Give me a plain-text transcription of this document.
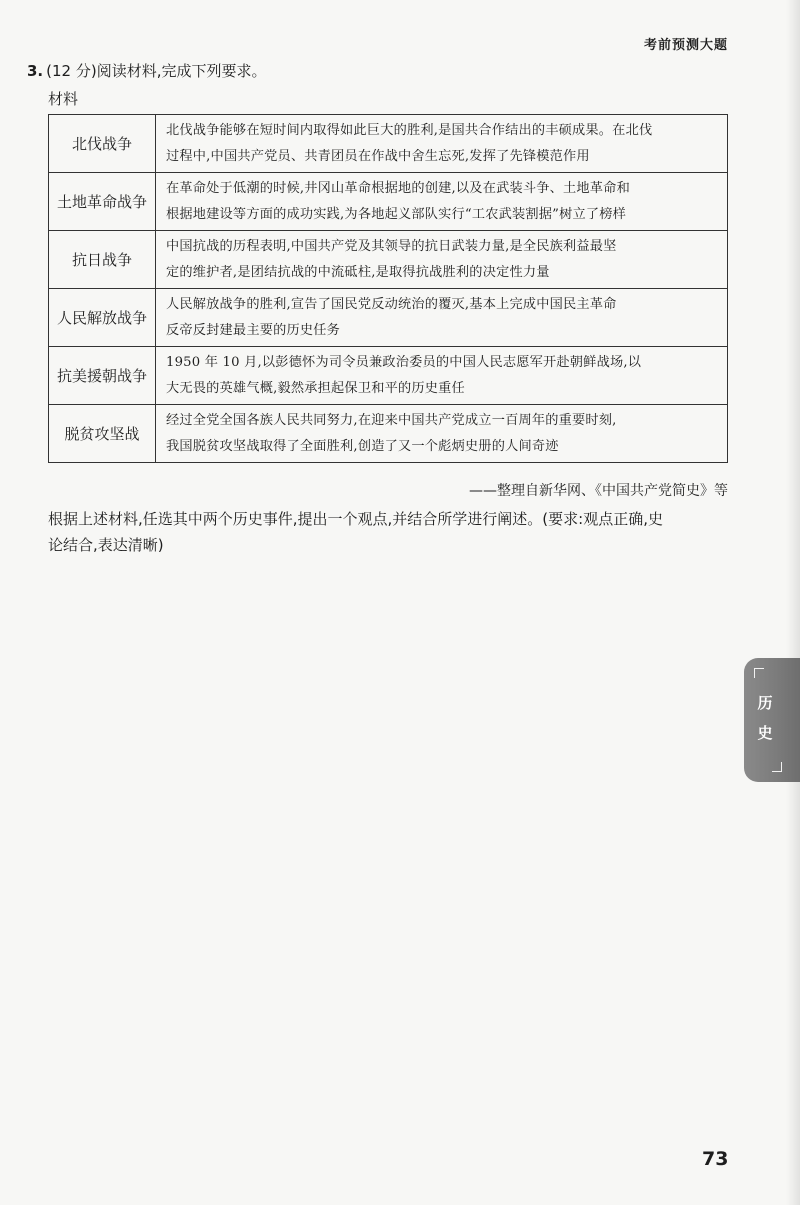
考前预测大题
3. (12 分)阅读材料,完成下列要求。
材料
北伐战争	北伐战争能够在短时间内取得如此巨大的胜利,是国共合作结出的丰硕成果。在北伐
过程中,中国共产党员、共青团员在作战中舍生忘死,发挥了先锋模范作用

土地革命战争	在革命处于低潮的时候,井冈山革命根据地的创建,以及在武装斗争、土地革命和
根据地建设等方面的成功实践,为各地起义部队实行“工农武装割据”树立了榜样

抗日战争	中国抗战的历程表明,中国共产党及其领导的抗日武装力量,是全民族利益最坚
定的维护者,是团结抗战的中流砥柱,是取得抗战胜利的决定性力量

人民解放战争	人民解放战争的胜利,宣告了国民党反动统治的覆灭,基本上完成中国民主革命
反帝反封建最主要的历史任务

抗美援朝战争	1950 年 10 月,以彭德怀为司令员兼政治委员的中国人民志愿军开赴朝鲜战场,以
大无畏的英雄气概,毅然承担起保卫和平的历史重任

脱贫攻坚战	经过全党全国各族人民共同努力,在迎来中国共产党成立一百周年的重要时刻,
我国脱贫攻坚战取得了全面胜利,创造了又一个彪炳史册的人间奇迹
——整理自新华网、《中国共产党简史》等
根据上述材料,任选其中两个历史事件,提出一个观点,并结合所学进行阐述。(要求:观点正确,史
论结合,表达清晰)
历
史
73
